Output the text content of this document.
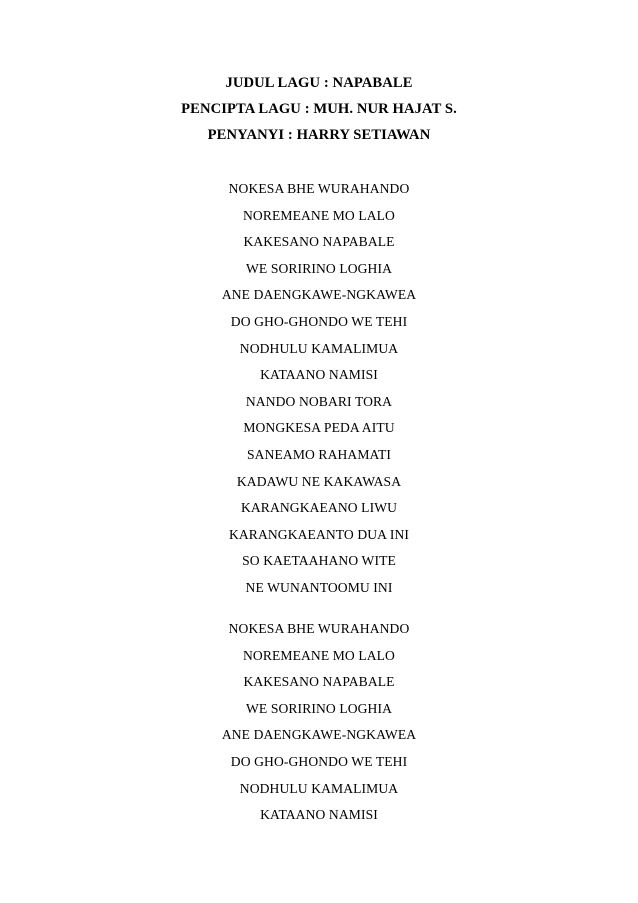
JUDUL LAGU : NAPABALE
PENCIPTA LAGU : MUH. NUR HAJAT S.
PENYANYI : HARRY SETIAWAN
NOKESA BHE WURAHANDO
NOREMEANE MO LALO
KAKESANO NAPABALE
WE SORIRINO LOGHIA
ANE DAENGKAWE-NGKAWEA
DO GHO-GHONDO WE TEHI
NODHULU KAMALIMUA
KATAANO NAMISI
NANDO NOBARI TORA
MONGKESA PEDA AITU
SANEAMO RAHAMATI
KADAWU NE KAKAWASA
KARANGKAEANO LIWU
KARANGKAEANTO DUA INI
SO KAETAAHANO WITE
NE WUNANTOOMU INI
NOKESA BHE WURAHANDO
NOREMEANE MO LALO
KAKESANO NAPABALE
WE SORIRINO LOGHIA
ANE DAENGKAWE-NGKAWEA
DO GHO-GHONDO WE TEHI
NODHULU KAMALIMUA
KATAANO NAMISI
